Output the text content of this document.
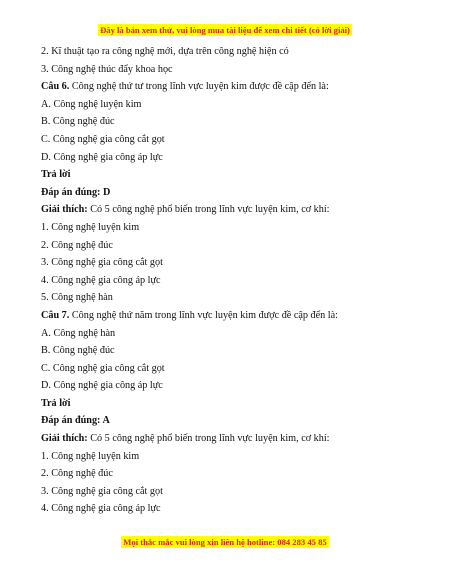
Đây là bản xem thử, vui lòng mua tài liệu để xem chi tiết (có lời giải)
2. Kĩ thuật tạo ra công nghệ mới, dựa trên công nghệ hiện có
3. Công nghệ thúc đẩy khoa học
Câu 6. Công nghệ thứ tư trong lĩnh vực luyện kim được đề cập đến là:
A. Công nghệ luyện kim
B. Công nghệ đúc
C. Công nghệ gia công cắt gọt
D. Công nghệ gia công áp lực
Trả lời
Đáp án đúng: D
Giải thích: Có 5 công nghệ phổ biến trong lĩnh vực luyện kim, cơ khí:
1. Công nghệ luyện kim
2. Công nghệ đúc
3. Công nghệ gia công cắt gọt
4. Công nghệ gia công áp lực
5. Công nghệ hàn
Câu 7. Công nghệ thứ năm trong lĩnh vực luyện kim được đề cập đến là:
A. Công nghệ hàn
B. Công nghệ đúc
C. Công nghệ gia công cắt gọt
D. Công nghệ gia công áp lực
Trả lời
Đáp án đúng: A
Giải thích: Có 5 công nghệ phổ biến trong lĩnh vực luyện kim, cơ khí:
1. Công nghệ luyện kim
2. Công nghệ đúc
3. Công nghệ gia công cắt gọt
4. Công nghệ gia công áp lực
Mọi thắc mắc vui lòng xin liên hệ hotline: 084 283 45 85
